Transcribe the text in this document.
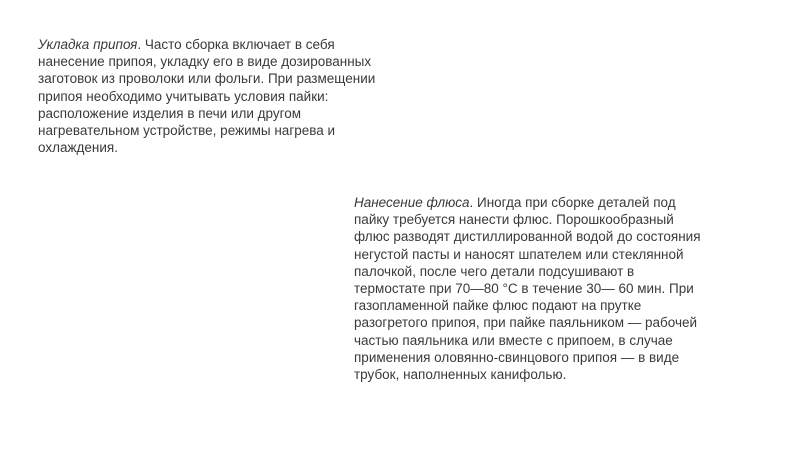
Укладка припоя. Часто сборка включает в себя
нанесение припоя, укладку его в виде дозированных
заготовок из проволоки или фольги. При размещении
припоя необходимо учитывать условия пайки:
расположение изделия в печи или другом
нагревательном устройстве, режимы нагрева и
охлаждения.
Нанесение флюса. Иногда при сборке деталей под
пайку требуется нанести флюс. Порошкообразный
флюс разводят дистиллированной водой до состояния
негустой пасты и наносят шпателем или стеклянной
палочкой, после чего детали подсушивают в
термостате при 70—80 °С в течение 30— 60 мин. При
газопламенной пайке флюс подают на прутке
разогретого припоя, при пайке паяльником — рабочей
частью паяльника или вместе с припоем, в случае
применения оловянно-свинцового припоя — в виде
трубок, наполненных канифолью.
